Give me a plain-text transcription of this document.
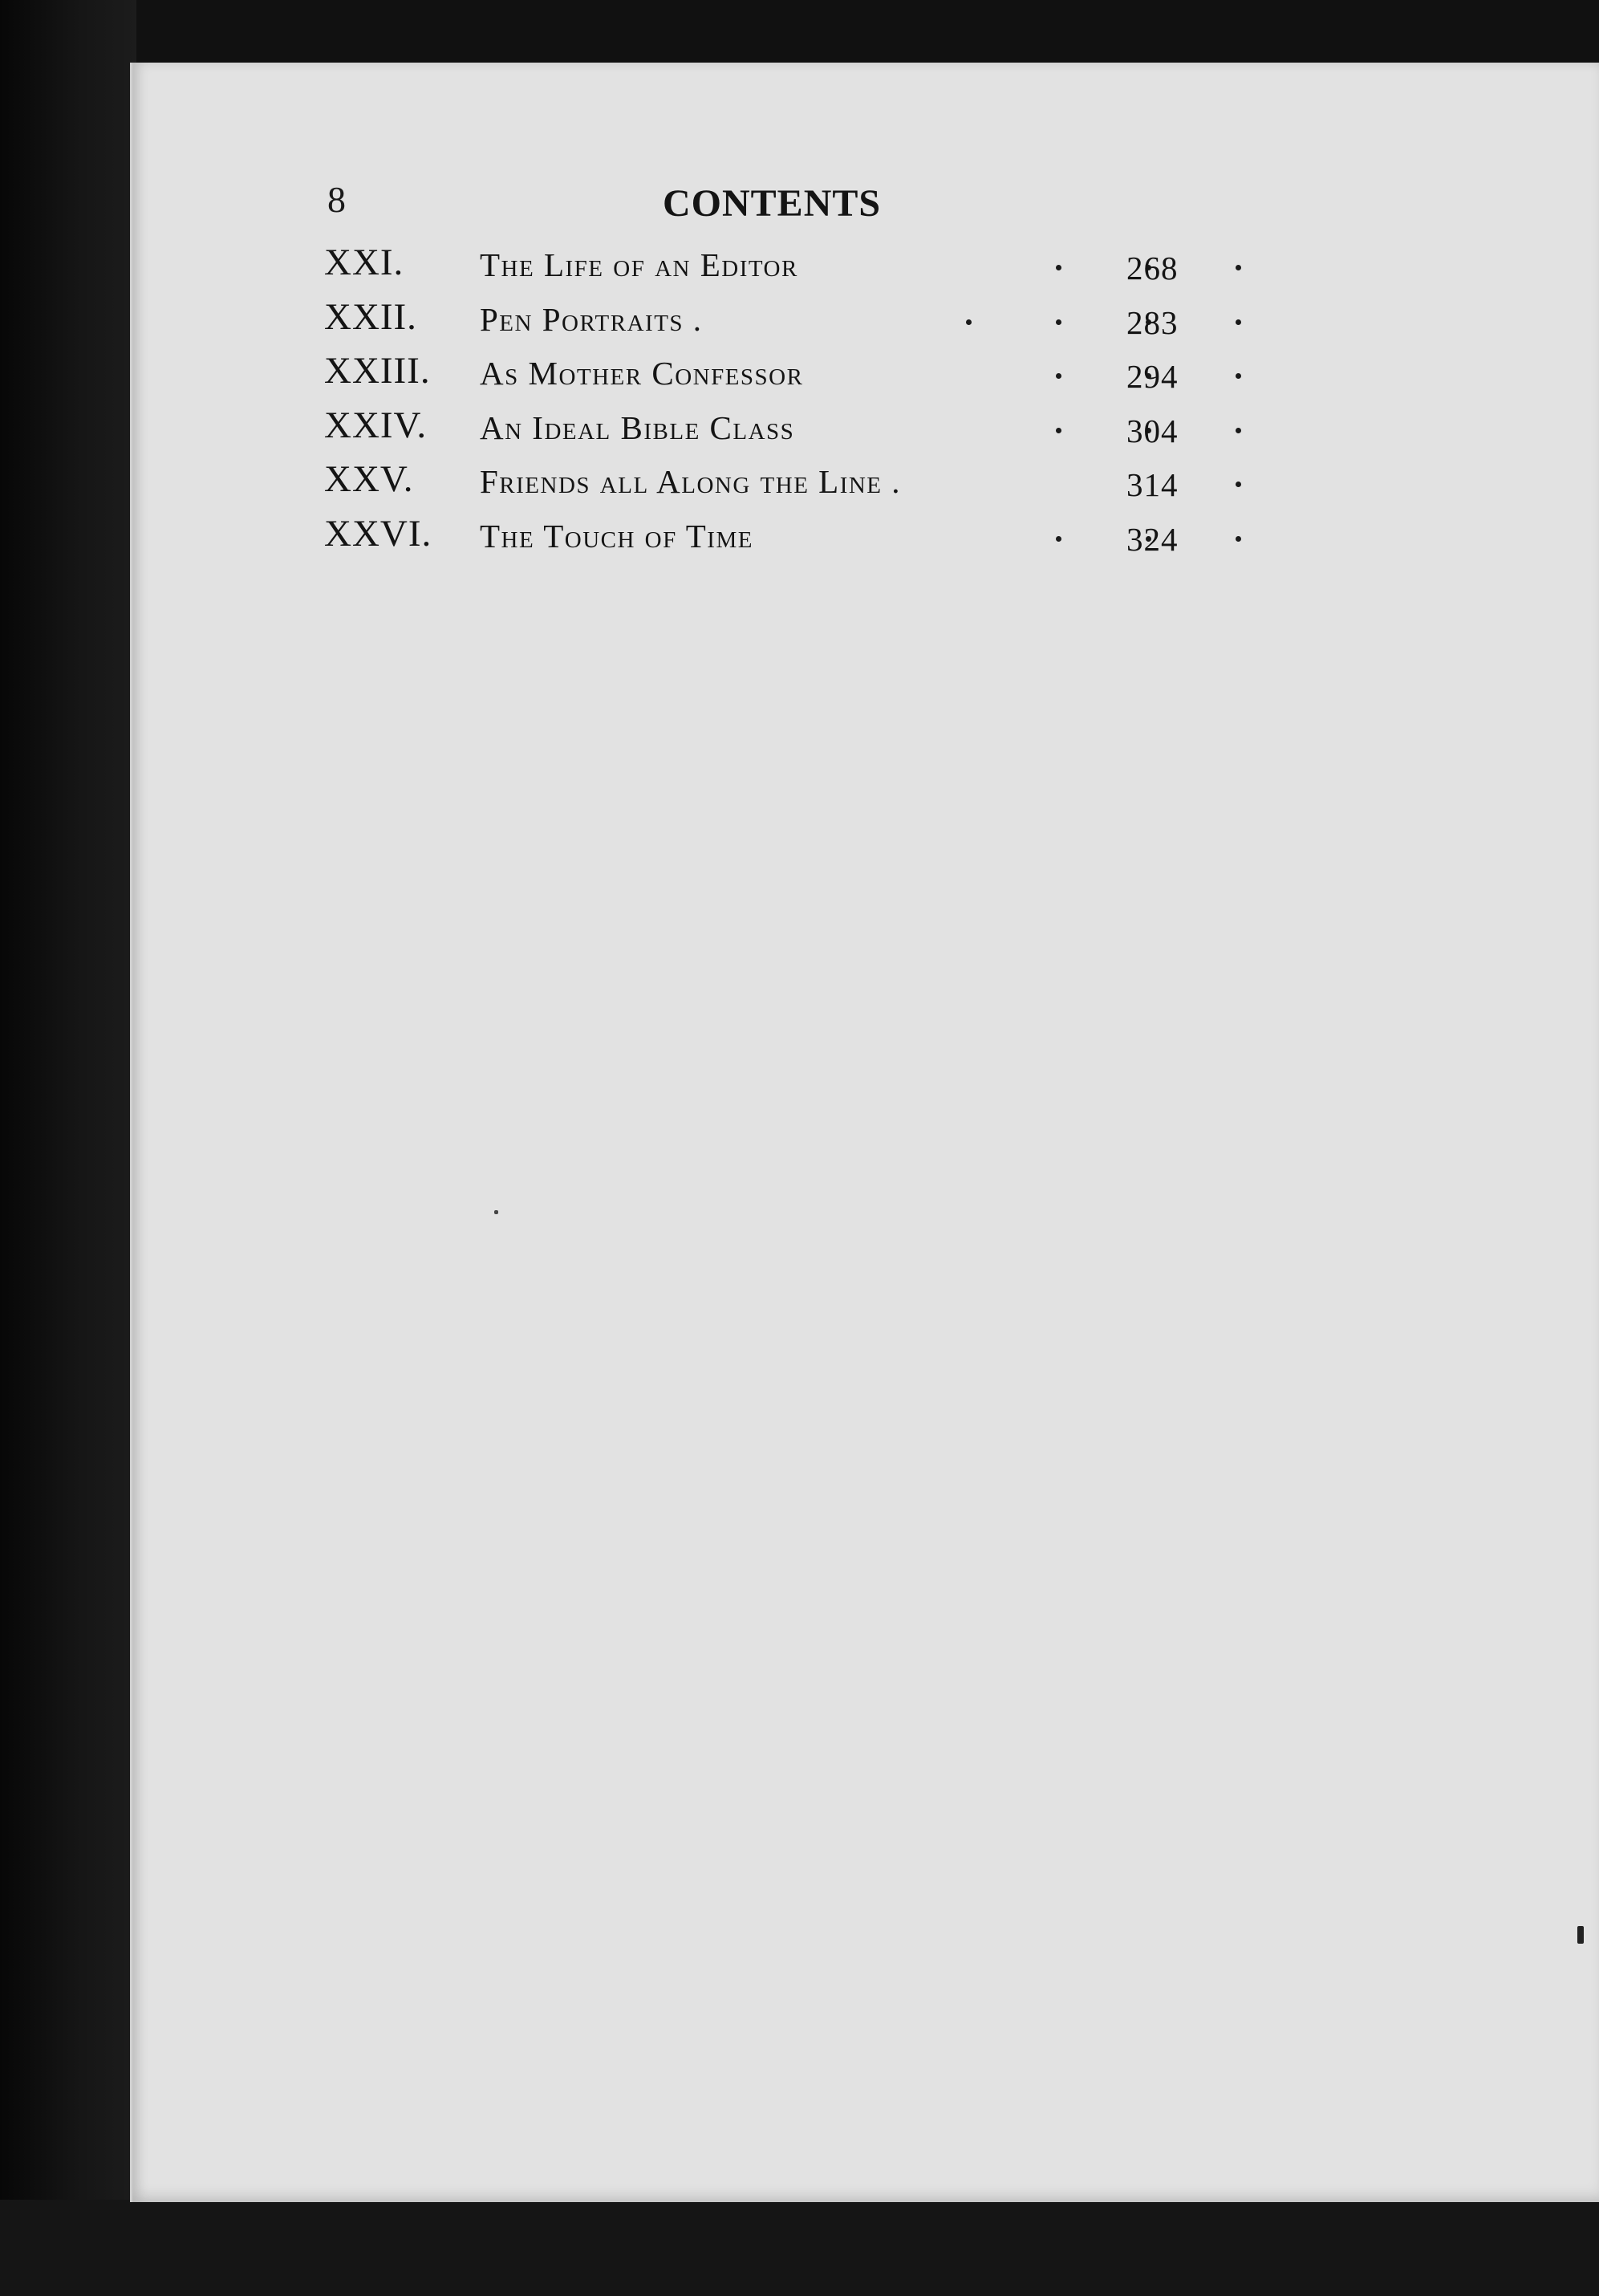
8	CONTENTS
XXI. The Life of an Editor	268
XXII. Pen Portraits .	283
XXIII. As Mother Confessor	294
XXIV. An Ideal Bible Class	304
XXV. Friends all Along the Line .	314
XXVI. The Touch of Time	324
